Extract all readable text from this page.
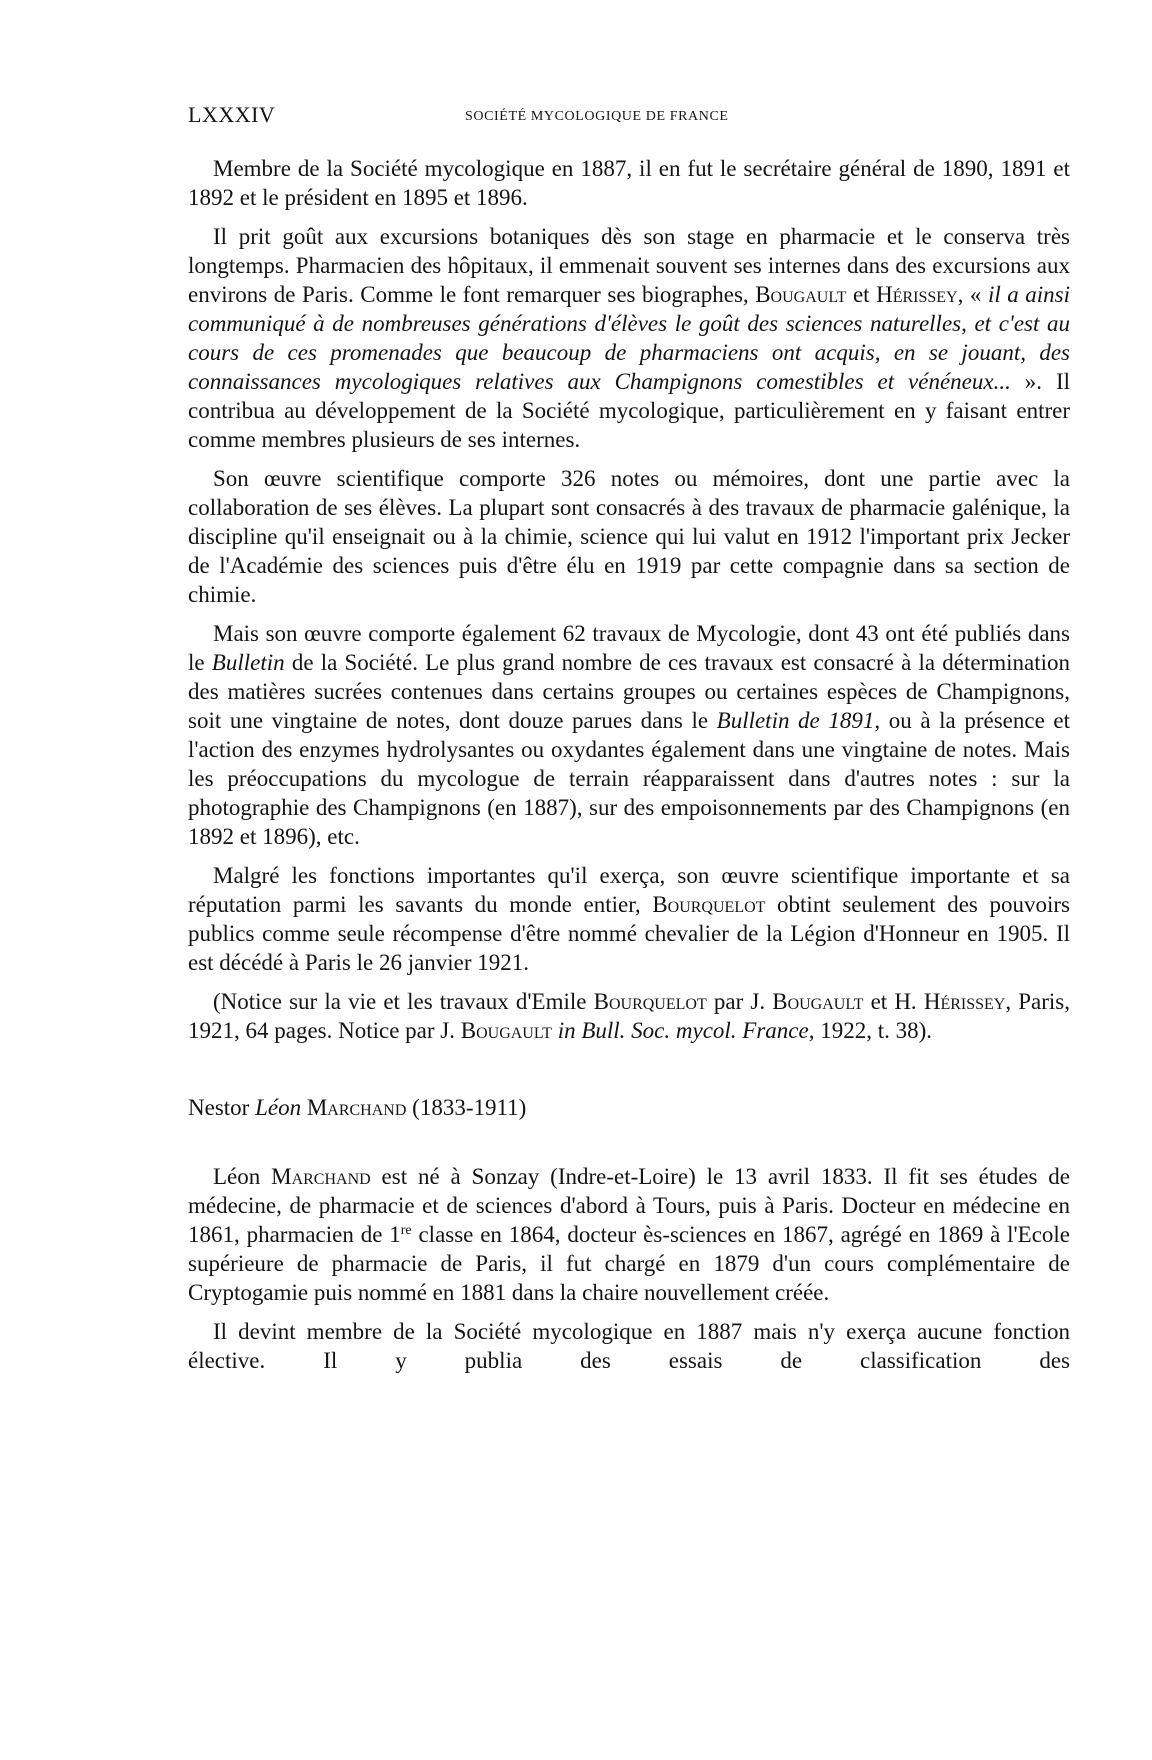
LXXXIV	SOCIÉTÉ MYCOLOGIQUE DE FRANCE

Membre de la Société mycologique en 1887, il en fut le secrétaire général de 1890, 1891 et 1892 et le président en 1895 et 1896.

Il prit goût aux excursions botaniques dès son stage en pharmacie et le conserva très longtemps. Pharmacien des hôpitaux, il emmenait souvent ses internes dans des excursions aux environs de Paris. Comme le font remarquer ses biographes, Bougault et Hérissey, « il a ainsi communiqué à de nombreuses générations d'élèves le goût des sciences naturelles, et c'est au cours de ces promenades que beaucoup de pharmaciens ont acquis, en se jouant, des connaissances mycologiques relatives aux Champignons comestibles et vénéneux... ». Il contribua au développement de la Société mycologique, particulièrement en y faisant entrer comme membres plusieurs de ses internes.

Son œuvre scientifique comporte 326 notes ou mémoires, dont une partie avec la collaboration de ses élèves. La plupart sont consacrés à des travaux de pharmacie galénique, la discipline qu'il enseignait ou à la chimie, science qui lui valut en 1912 l'important prix Jecker de l'Académie des sciences puis d'être élu en 1919 par cette compagnie dans sa section de chimie.

Mais son œuvre comporte également 62 travaux de Mycologie, dont 43 ont été publiés dans le Bulletin de la Société. Le plus grand nombre de ces travaux est consacré à la détermination des matières sucrées contenues dans certains groupes ou certaines espèces de Champignons, soit une vingtaine de notes, dont douze parues dans le Bulletin de 1891, ou à la présence et l'action des enzymes hydrolysantes ou oxydantes également dans une vingtaine de notes. Mais les préoccupations du mycologue de terrain réapparaissent dans d'autres notes : sur la photographie des Champignons (en 1887), sur des empoisonnements par des Champignons (en 1892 et 1896), etc.

Malgré les fonctions importantes qu'il exerça, son œuvre scientifique importante et sa réputation parmi les savants du monde entier, Bourquelot obtint seulement des pouvoirs publics comme seule récompense d'être nommé chevalier de la Légion d'Honneur en 1905. Il est décédé à Paris le 26 janvier 1921.

(Notice sur la vie et les travaux d'Emile Bourquelot par J. Bougault et H. Hérissey, Paris, 1921, 64 pages. Notice par J. Bougault in Bull. Soc. mycol. France, 1922, t. 38).

Nestor Léon Marchand (1833-1911)

Léon Marchand est né à Sonzay (Indre-et-Loire) le 13 avril 1833. Il fit ses études de médecine, de pharmacie et de sciences d'abord à Tours, puis à Paris. Docteur en médecine en 1861, pharmacien de 1re classe en 1864, docteur ès-sciences en 1867, agrégé en 1869 à l'Ecole supérieure de pharmacie de Paris, il fut chargé en 1879 d'un cours complémentaire de Cryptogamie puis nommé en 1881 dans la chaire nouvellement créée.

Il devint membre de la Société mycologique en 1887 mais n'y exerça aucune fonction élective. Il y publia des essais de classification des
